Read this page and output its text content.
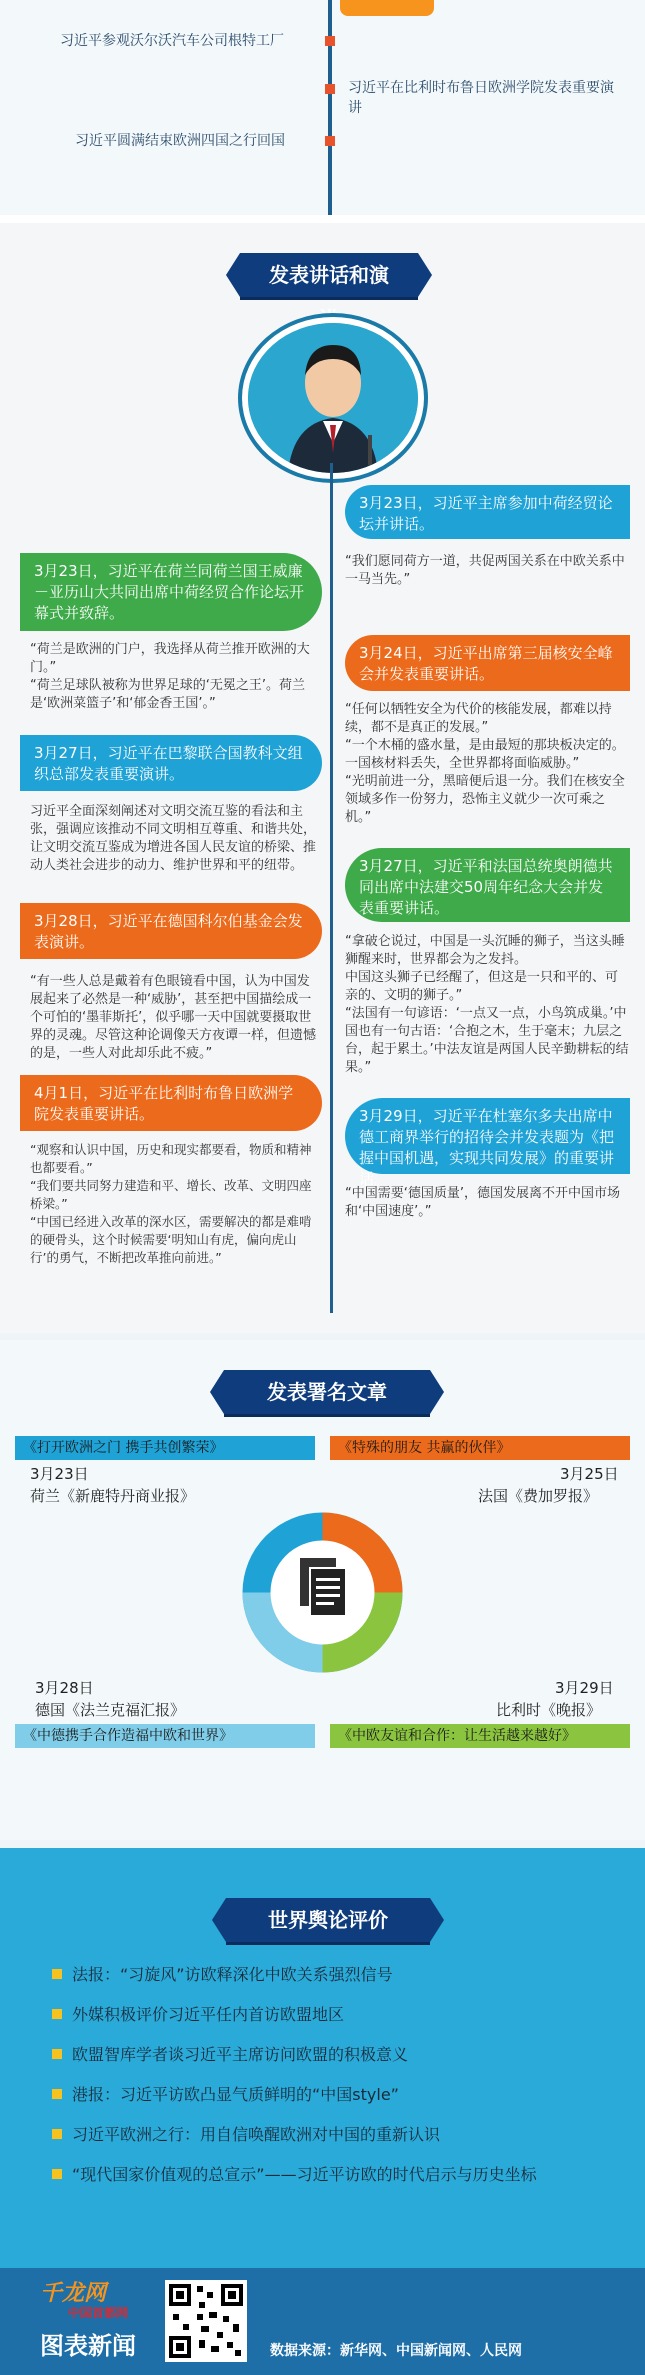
习近平参观沃尔沃汽车公司根特工厂
习近平在比利时布鲁日欧洲学院发表重要演讲
习近平圆满结束欧洲四国之行回国
发表讲话和演
3月23日，习近平主席参加中荷经贸论坛并讲话。
“我们愿同荷方一道，共促两国关系在中欧关系中一马当先。”
3月23日，习近平在荷兰同荷兰国王威廉－亚历山大共同出席中荷经贸合作论坛开幕式并致辞。
“荷兰是欧洲的门户，我选择从荷兰推开欧洲的大门。”
“荷兰足球队被称为世界足球的‘无冕之王’。荷兰是‘欧洲菜篮子’和‘郁金香王国’。”
3月24日，习近平出席第三届核安全峰会并发表重要讲话。
“任何以牺牲安全为代价的核能发展，都难以持续，都不是真正的发展。”
“一个木桶的盛水量，是由最短的那块板决定的。一国核材料丢失，全世界都将面临威胁。”
“光明前进一分，黑暗便后退一分。我们在核安全领域多作一份努力，恐怖主义就少一次可乘之机。”
3月27日，习近平在巴黎联合国教科文组织总部发表重要演讲。
习近平全面深刻阐述对文明交流互鉴的看法和主张，强调应该推动不同文明相互尊重、和谐共处，让文明交流互鉴成为增进各国人民友谊的桥梁、推动人类社会进步的动力、维护世界和平的纽带。	3月27日，习近平和法国总统奥朗德共同出席中法建交50周年纪念大会并发表重要讲话。
“拿破仑说过，中国是一头沉睡的狮子，当这头睡狮醒来时，世界都会为之发抖。
中国这头狮子已经醒了，但这是一只和平的、可亲的、文明的狮子。”
“法国有一句谚语：‘一点又一点，小鸟筑成巢。’中国也有一句古语：‘合抱之木，生于毫末；九层之台，起于累土。’中法友谊是两国人民辛勤耕耘的结果。”
3月28日，习近平在德国科尔伯基金会发表演讲。
“有一些人总是戴着有色眼镜看中国，认为中国发展起来了必然是一种‘威胁’，甚至把中国描绘成一个可怕的‘墨菲斯托’，似乎哪一天中国就要摄取世界的灵魂。尽管这种论调像天方夜谭一样，但遗憾的是，一些人对此却乐此不疲。”
3月29日，习近平在杜塞尔多夫出席中德工商界举行的招待会并发表题为《把握中国机遇，实现共同发展》的重要讲话。
“中国需要‘德国质量’，德国发展离不开中国市场和‘中国速度’。”
4月1日，习近平在比利时布鲁日欧洲学院发表重要讲话。
“观察和认识中国，历史和现实都要看，物质和精神也都要看。”
“我们要共同努力建造和平、增长、改革、文明四座桥梁。”
“中国已经进入改革的深水区，需要解决的都是难啃的硬骨头，这个时候需要‘明知山有虎，偏向虎山行’的勇气，不断把改革推向前进。”
发表署名文章
《打开欧洲之门 携手共创繁荣》
3月23日
荷兰《新鹿特丹商业报》
《特殊的朋友 共赢的伙伴》
3月25日
法国《费加罗报》
3月28日
德国《法兰克福汇报》
《中德携手合作造福中欧和世界》
3月29日
比利时《晚报》
《中欧友谊和合作：让生活越来越好》
世界舆论评价
法报：“习旋风”访欧释深化中欧关系强烈信号
外媒积极评价习近平任内首访欧盟地区
欧盟智库学者谈习近平主席访问欧盟的积极意义
港报：习近平访欧凸显气质鲜明的“中国style”
习近平欧洲之行：用自信唤醒欧洲对中国的重新认识
“现代国家价值观的总宣示”——习近平访欧的时代启示与历史坐标
千龙网
中国首都网
图表新闻	数据来源：新华网、中国新闻网、人民网
